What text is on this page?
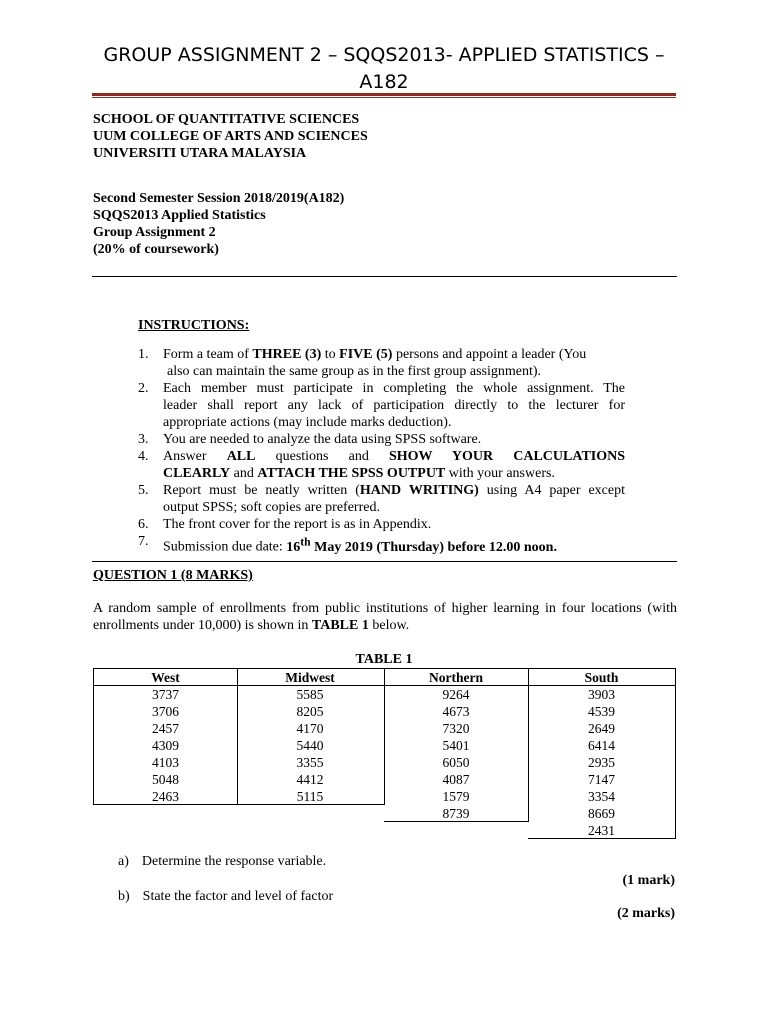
GROUP ASSIGNMENT 2 – SQQS2013- APPLIED STATISTICS –
A182
SCHOOL OF QUANTITATIVE SCIENCES
UUM COLLEGE OF ARTS AND SCIENCES
UNIVERSITI UTARA MALAYSIA
Second Semester Session 2018/2019(A182)
SQQS2013 Applied Statistics
Group Assignment 2
(20% of coursework)
INSTRUCTIONS:
1. Form a team of THREE (3) to FIVE (5) persons and appoint a leader (You
also can maintain the same group as in the first group assignment).
2. Each member must participate in completing the whole assignment. The
leader shall report any lack of participation directly to the lecturer for
appropriate actions (may include marks deduction).
3. You are needed to analyze the data using SPSS software.
4. Answer ALL questions and SHOW YOUR CALCULATIONS
CLEARLY and ATTACH THE SPSS OUTPUT with your answers.
5. Report must be neatly written (HAND WRITING) using A4 paper except
output SPSS; soft copies are preferred.
6. The front cover for the report is as in Appendix.
7. Submission due date: 16th May 2019 (Thursday) before 12.00 noon.
QUESTION 1 (8 MARKS)
A random sample of enrollments from public institutions of higher learning in four locations (with enrollments under 10,000) is shown in TABLE 1 below.
TABLE 1
West
3737
3706
2457
4309
4103
5048
2463
Midwest
5585
8205
4170
5440
3355
4412
5115
Northern
9264
4673
7320
5401
6050
4087
1579
8739
South
3903
4539
2649
6414
2935
7147
3354
8669
2431
a) Determine the response variable.
(1 mark)
b) State the factor and level of factor
(2 marks)
